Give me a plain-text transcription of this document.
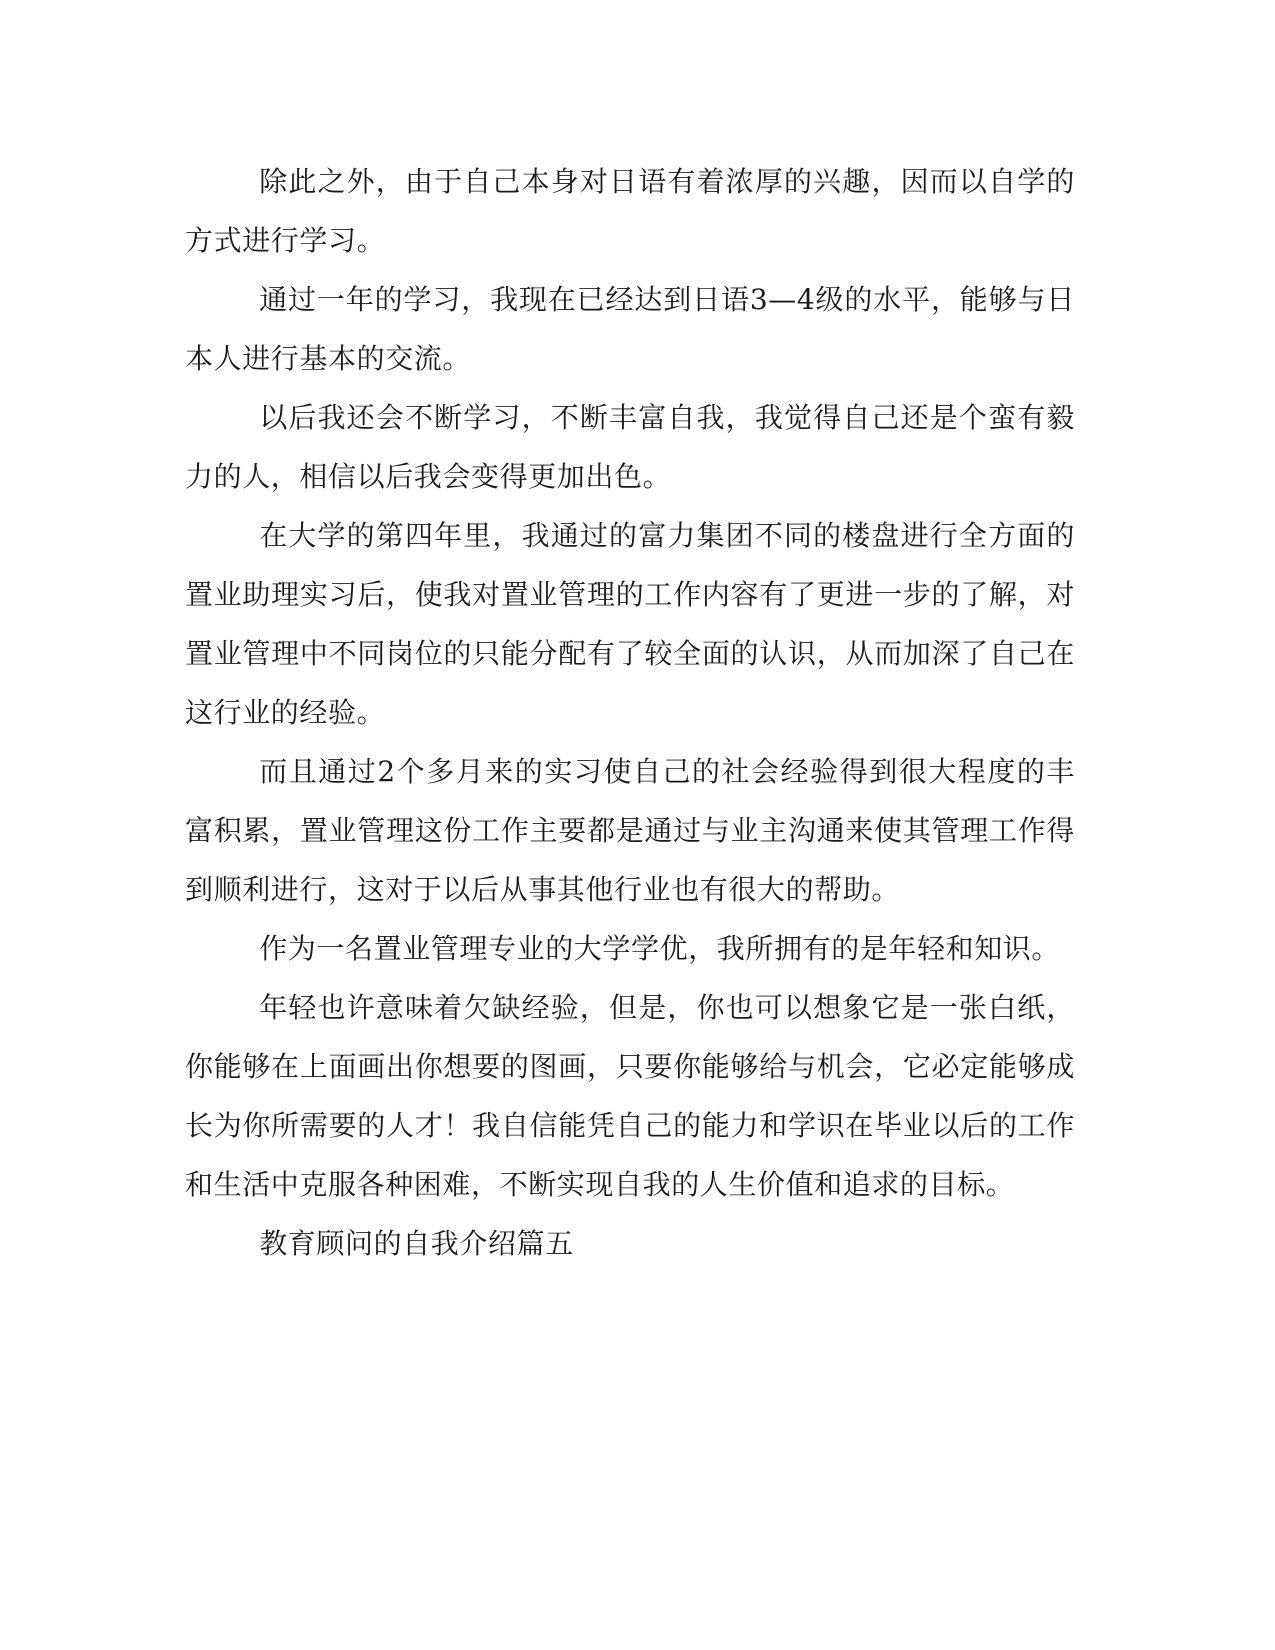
除此之外，由于自己本身对日语有着浓厚的兴趣，因而以自学的方式进行学习。

通过一年的学习，我现在已经达到日语3—4级的水平，能够与日本人进行基本的交流。

以后我还会不断学习，不断丰富自我，我觉得自己还是个蛮有毅力的人，相信以后我会变得更加出色。

在大学的第四年里，我通过的富力集团不同的楼盘进行全方面的置业助理实习后，使我对置业管理的工作内容有了更进一步的了解，对置业管理中不同岗位的只能分配有了较全面的认识，从而加深了自己在这行业的经验。

而且通过2个多月来的实习使自己的社会经验得到很大程度的丰富积累，置业管理这份工作主要都是通过与业主沟通来使其管理工作得到顺利进行，这对于以后从事其他行业也有很大的帮助。

作为一名置业管理专业的大学学优，我所拥有的是年轻和知识。

年轻也许意味着欠缺经验，但是，你也可以想象它是一张白纸，你能够在上面画出你想要的图画，只要你能够给与机会，它必定能够成长为你所需要的人才！我自信能凭自己的能力和学识在毕业以后的工作和生活中克服各种困难，不断实现自我的人生价值和追求的目标。

教育顾问的自我介绍篇五
